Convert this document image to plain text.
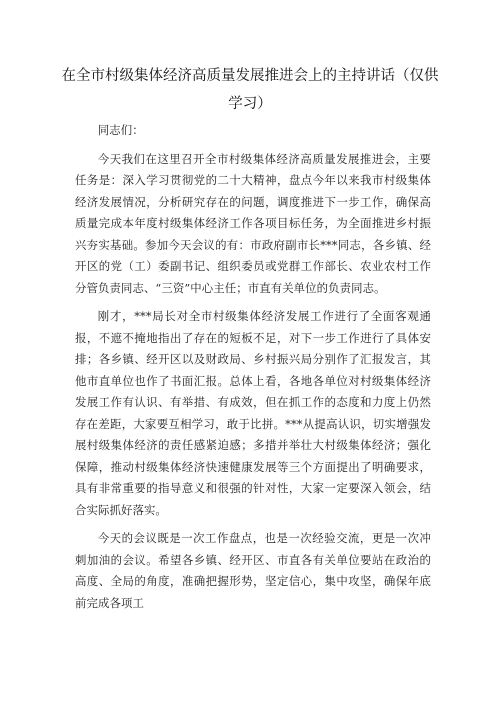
在全市村级集体经济高质量发展推进会上的主持讲话（仅供学习）

同志们：

今天我们在这里召开全市村级集体经济高质量发展推进会，主要任务是：深入学习贯彻党的二十大精神，盘点今年以来我市村级集体经济发展情况，分析研究存在的问题，调度推进下一步工作，确保高质量完成本年度村级集体经济工作各项目标任务，为全面推进乡村振兴夯实基础。参加今天会议的有：市政府副市长***同志，各乡镇、经开区的党（工）委副书记、组织委员或党群工作部长、农业农村工作分管负责同志、“三资”中心主任；市直有关单位的负责同志。

刚才，***局长对全市村级集体经济发展工作进行了全面客观通报，不遮不掩地指出了存在的短板不足，对下一步工作进行了具体安排；各乡镇、经开区以及财政局、乡村振兴局分别作了汇报发言，其他市直单位也作了书面汇报。总体上看，各地各单位对村级集体经济发展工作有认识、有举措、有成效，但在抓工作的态度和力度上仍然存在差距，大家要互相学习，敢于比拼。***从提高认识，切实增强发展村级集体经济的责任感紧迫感；多措并举壮大村级集体经济；强化保障，推动村级集体经济快速健康发展等三个方面提出了明确要求，具有非常重要的指导意义和很强的针对性，大家一定要深入领会，结合实际抓好落实。

今天的会议既是一次工作盘点，也是一次经验交流，更是一次冲刺加油的会议。希望各乡镇、经开区、市直各有关单位要站在政治的高度、全局的角度，准确把握形势，坚定信心，集中攻坚，确保年底前完成各项工
